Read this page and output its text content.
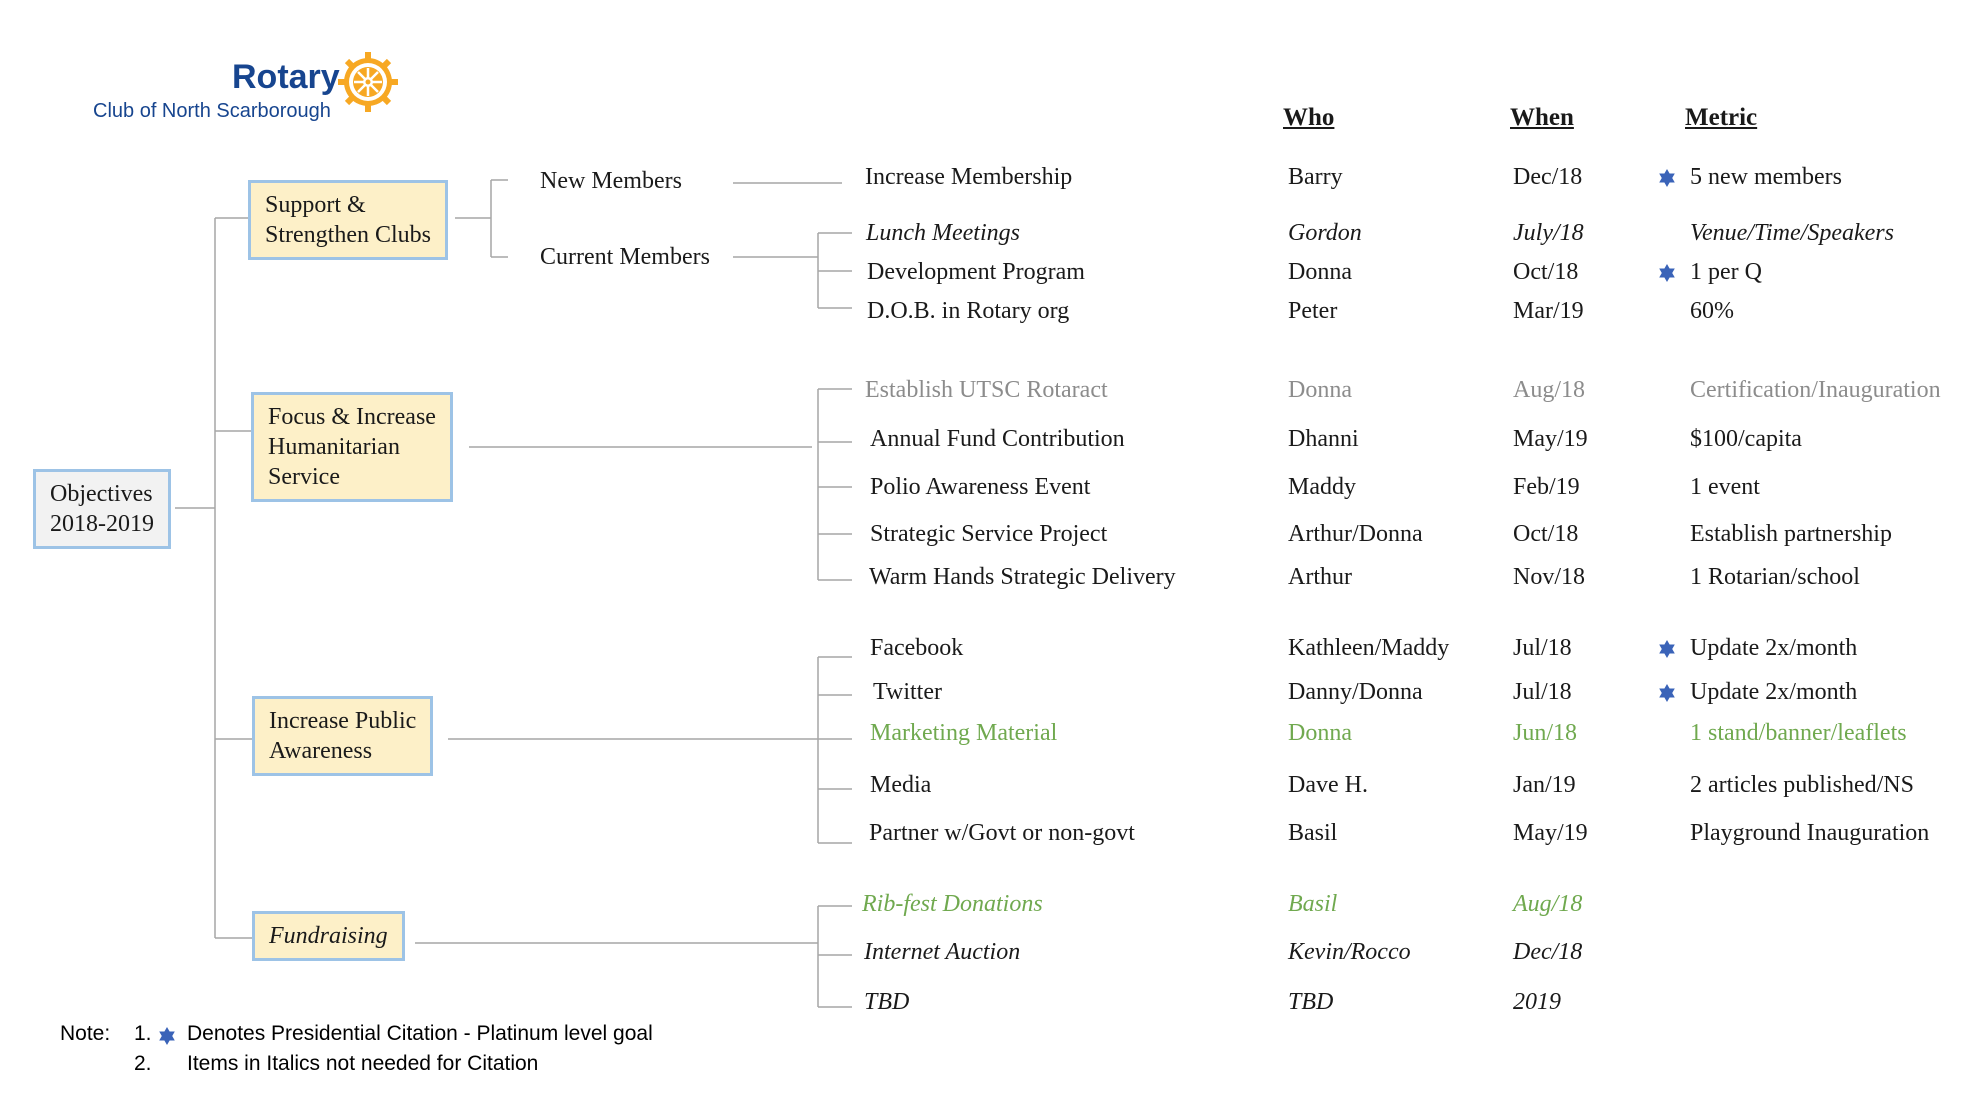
Rotary
Club of North Scarborough	Who	When	Metric
Objectives
2018-2019
Support &
Strengthen Clubs
Focus & Increase
Humanitarian
Service
Increase Public
Awareness
Fundraising
New Members
Current Members
Increase Membership	Barry	Dec/18	5 new members
Lunch Meetings	Gordon	July/18	Venue/Time/Speakers
Development Program	Donna	Oct/18	1 per Q
D.O.B. in Rotary org	Peter	Mar/19	60%
Establish UTSC Rotaract	Donna	Aug/18	Certification/Inauguration
Annual Fund Contribution	Dhanni	May/19	$100/capita
Polio Awareness Event	Maddy	Feb/19	1 event
Strategic Service Project	Arthur/Donna	Oct/18	Establish partnership
Warm Hands Strategic Delivery	Arthur	Nov/18	1 Rotarian/school
Facebook	Kathleen/Maddy	Jul/18	Update 2x/month
Twitter	Danny/Donna	Jul/18	Update 2x/month
Marketing Material	Donna	Jun/18	1 stand/banner/leaflets
Media	Dave H.	Jan/19	2 articles published/NS
Partner w/Govt or non-govt	Basil	May/19	Playground Inauguration
Rib-fest Donations	Basil	Aug/18
Internet Auction	Kevin/Rocco	Dec/18
TBD	TBD	2019
Note: 1. Denotes Presidential Citation - Platinum level goal
2. Items in Italics not needed for Citation
